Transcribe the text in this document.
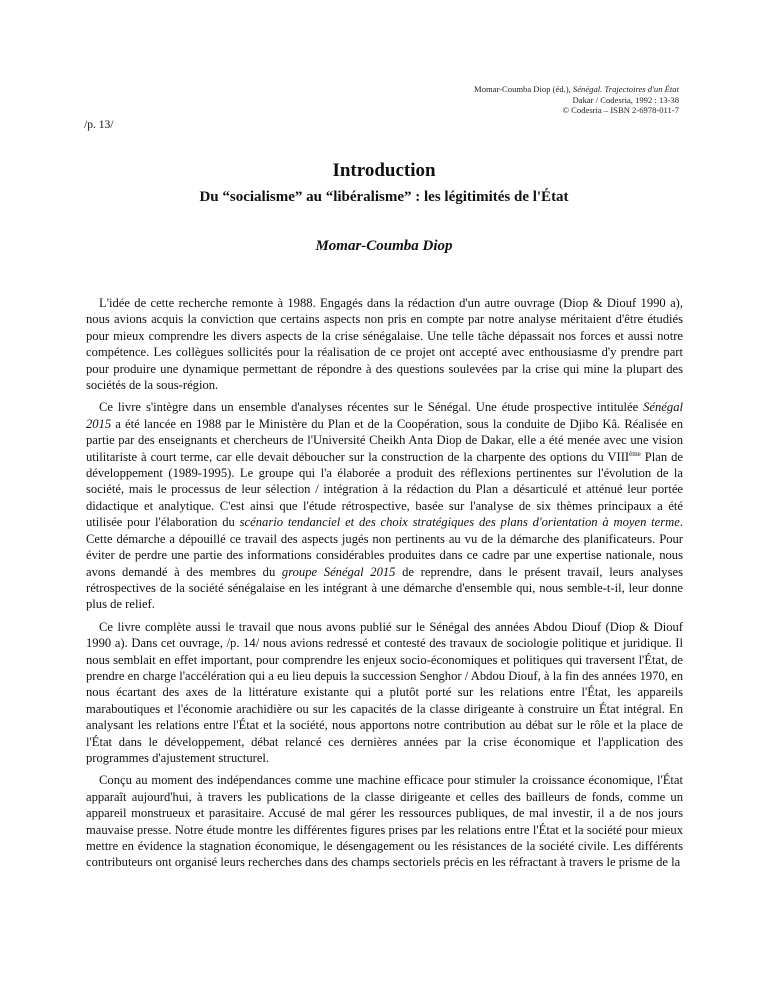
Momar-Coumba Diop (éd.), Sénégal. Trajectoires d'un État
Dakar / Codesria, 1992 : 13-38
© Codesria – ISBN 2-6978-011-7
/p. 13/
Introduction
Du “socialisme” au “libéralisme” : les légitimités de l'État
Momar-Coumba Diop

L'idée de cette recherche remonte à 1988. Engagés dans la rédaction d'un autre ouvrage (Diop & Diouf 1990 a), nous avions acquis la conviction que certains aspects non pris en compte par notre analyse méritaient d'être étudiés pour mieux comprendre les divers aspects de la crise sénégalaise. Une telle tâche dépassait nos forces et aussi notre compétence. Les collègues sollicités pour la réalisation de ce projet ont accepté avec enthousiasme d'y prendre part pour produire une dynamique permettant de répondre à des questions soulevées par la crise qui mine la plupart des sociétés de la sous-région.

Ce livre s'intègre dans un ensemble d'analyses récentes sur le Sénégal. Une étude prospective intitulée Sénégal 2015 a été lancée en 1988 par le Ministère du Plan et de la Coopération, sous la conduite de Djibo Kâ. Réalisée en partie par des enseignants et chercheurs de l'Université Cheikh Anta Diop de Dakar, elle a été menée avec une vision utilitariste à court terme, car elle devait déboucher sur la construction de la charpente des options du VIIIème Plan de développement (1989-1995). Le groupe qui l'a élaborée a produit des réflexions pertinentes sur l'évolution de la société, mais le processus de leur sélection / intégration à la rédaction du Plan a désarticulé et atténué leur portée didactique et analytique. C'est ainsi que l'étude rétrospective, basée sur l'analyse de six thèmes principaux a été utilisée pour l'élaboration du scénario tendanciel et des choix stratégiques des plans d'orientation à moyen terme. Cette démarche a dépouillé ce travail des aspects jugés non pertinents au vu de la démarche des planificateurs. Pour éviter de perdre une partie des informations considérables produites dans ce cadre par une expertise nationale, nous avons demandé à des membres du groupe Sénégal 2015 de reprendre, dans le présent travail, leurs analyses rétrospectives de la société sénégalaise en les intégrant à une démarche d'ensemble qui, nous semble-t-il, leur donne plus de relief.

Ce livre complète aussi le travail que nous avons publié sur le Sénégal des années Abdou Diouf (Diop & Diouf 1990 a). Dans cet ouvrage, /p. 14/ nous avions redressé et contesté des travaux de sociologie politique et juridique. Il nous semblait en effet important, pour comprendre les enjeux socio-économiques et politiques qui traversent l'État, de prendre en charge l'accélération qui a eu lieu depuis la succession Senghor / Abdou Diouf, à la fin des années 1970, en nous écartant des axes de la littérature existante qui a plutôt porté sur les relations entre l'État, les appareils maraboutiques et l'économie arachidière ou sur les capacités de la classe dirigeante à construire un État intégral. En analysant les relations entre l'État et la société, nous apportons notre contribution au débat sur le rôle et la place de l'État dans le développement, débat relancé ces dernières années par la crise économique et l'application des programmes d'ajustement structurel.

Conçu au moment des indépendances comme une machine efficace pour stimuler la croissance économique, l'État apparaît aujourd'hui, à travers les publications de la classe dirigeante et celles des bailleurs de fonds, comme un appareil monstrueux et parasitaire. Accusé de mal gérer les ressources publiques, de mal investir, il a de nos jours mauvaise presse. Notre étude montre les différentes figures prises par les relations entre l'État et la société pour mieux mettre en évidence la stagnation économique, le désengagement ou les résistances de la société civile. Les différents contributeurs ont organisé leurs recherches dans des champs sectoriels précis en les réfractant à travers le prisme de la
